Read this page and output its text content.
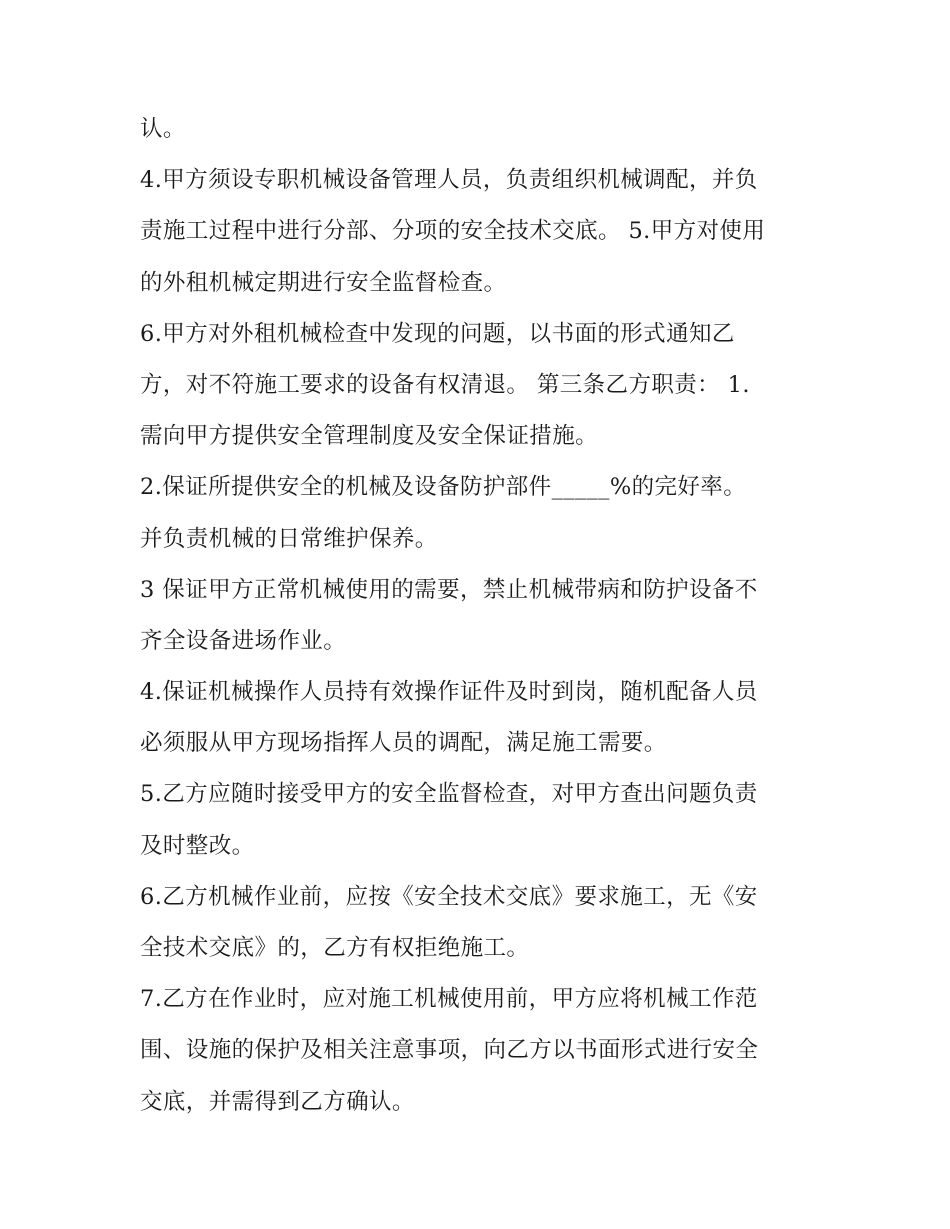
认。
4.甲方须设专职机械设备管理人员，负责组织机械调配，并负
责施工过程中进行分部、分项的安全技术交底。 5.甲方对使用
的外租机械定期进行安全监督检查。
6.甲方对外租机械检查中发现的问题，以书面的形式通知乙
方，对不符施工要求的设备有权清退。 第三条乙方职责： 1.
需向甲方提供安全管理制度及安全保证措施。
2.保证所提供安全的机械及设备防护部件_____%的完好率。
并负责机械的日常维护保养。
3 保证甲方正常机械使用的需要，禁止机械带病和防护设备不
齐全设备进场作业。
4.保证机械操作人员持有效操作证件及时到岗，随机配备人员
必须服从甲方现场指挥人员的调配，满足施工需要。
5.乙方应随时接受甲方的安全监督检查，对甲方查出问题负责
及时整改。
6.乙方机械作业前，应按《安全技术交底》要求施工，无《安
全技术交底》的，乙方有权拒绝施工。
7.乙方在作业时，应对施工机械使用前，甲方应将机械工作范
围、设施的保护及相关注意事项，向乙方以书面形式进行安全
交底，并需得到乙方确认。
